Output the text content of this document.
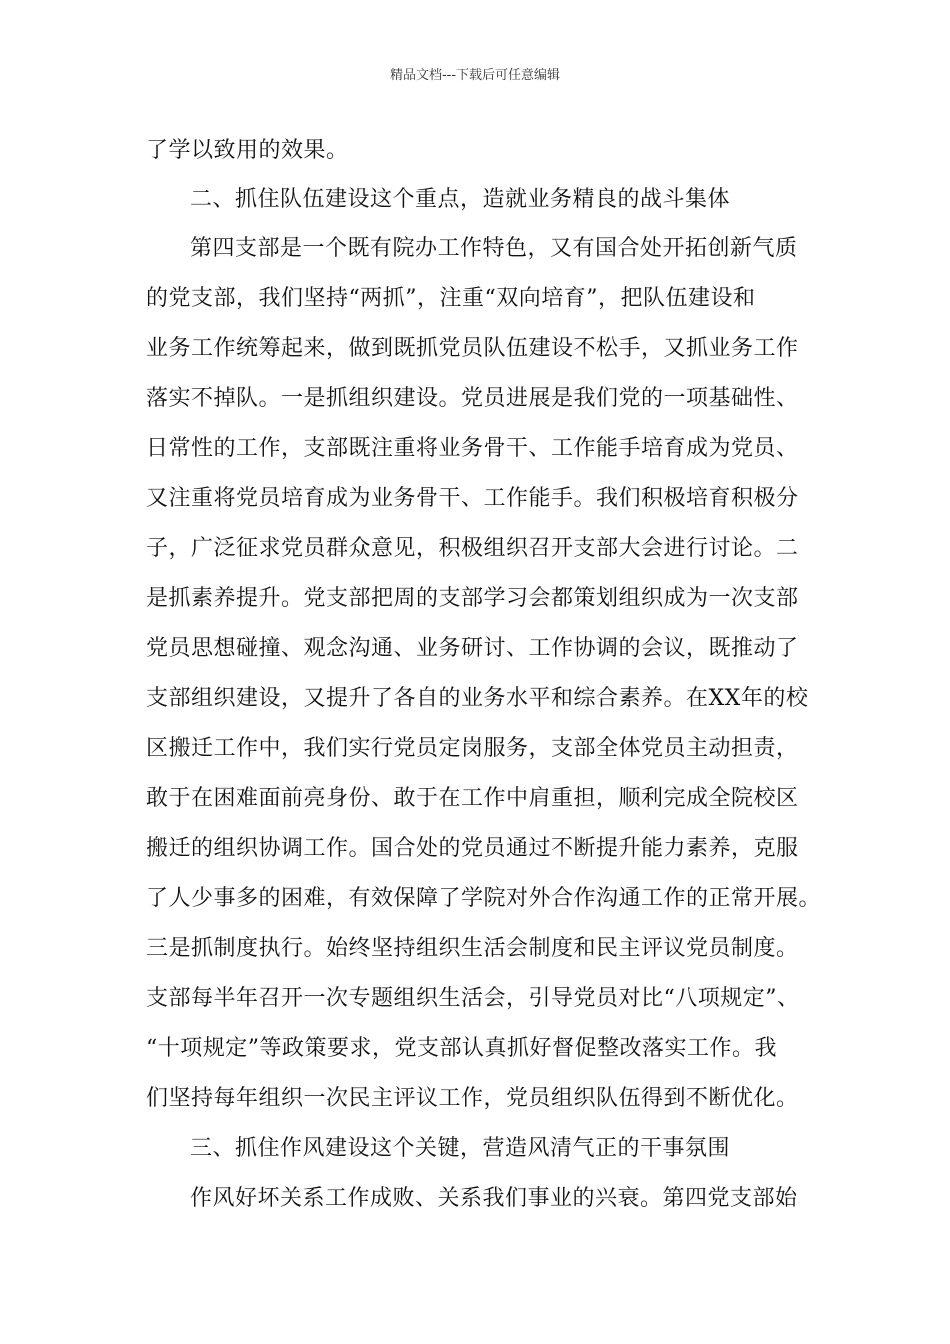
精品文档---下载后可任意编辑
了学以致用的效果。
二、抓住队伍建设这个重点，造就业务精良的战斗集体
第四支部是一个既有院办工作特色，又有国合处开拓创新气质
的党支部，我们坚持“两抓”，注重“双向培育”，把队伍建设和
业务工作统筹起来，做到既抓党员队伍建设不松手，又抓业务工作
落实不掉队。一是抓组织建设。党员进展是我们党的一项基础性、
日常性的工作，支部既注重将业务骨干、工作能手培育成为党员、
又注重将党员培育成为业务骨干、工作能手。我们积极培育积极分
子，广泛征求党员群众意见，积极组织召开支部大会进行讨论。二
是抓素养提升。党支部把周的支部学习会都策划组织成为一次支部
党员思想碰撞、观念沟通、业务研讨、工作协调的会议，既推动了
支部组织建设，又提升了各自的业务水平和综合素养。在XX年的校
区搬迁工作中，我们实行党员定岗服务，支部全体党员主动担责，
敢于在困难面前亮身份、敢于在工作中肩重担，顺利完成全院校区
搬迁的组织协调工作。国合处的党员通过不断提升能力素养，克服
了人少事多的困难，有效保障了学院对外合作沟通工作的正常开展。
三是抓制度执行。始终坚持组织生活会制度和民主评议党员制度。
支部每半年召开一次专题组织生活会，引导党员对比“八项规定”、
“十项规定”等政策要求，党支部认真抓好督促整改落实工作。我
们坚持每年组织一次民主评议工作，党员组织队伍得到不断优化。
三、抓住作风建设这个关键，营造风清气正的干事氛围
作风好坏关系工作成败、关系我们事业的兴衰。第四党支部始
